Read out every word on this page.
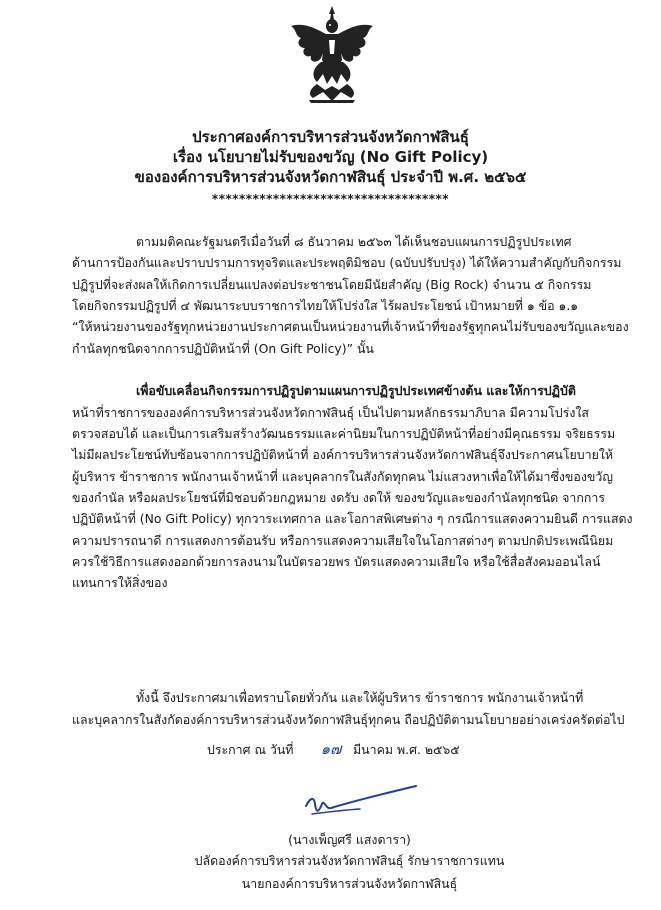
ประกาศองค์การบริหารส่วนจังหวัดกาฬสินธุ์
เรื่อง นโยบายไม่รับของขวัญ (No Gift Policy)
ขององค์การบริหารส่วนจังหวัดกาฬสินธุ์ ประจำปี พ.ศ. ๒๕๖๕
***********************************
ตามมติคณะรัฐมนตรีเมื่อวันที่ ๘ ธันวาคม ๒๕๖๓ ได้เห็นชอบแผนการปฏิรูปประเทศ
ด้านการป้องกันและปราบปรามการทุจริตและประพฤติมิชอบ (ฉบับปรับปรุง) ได้ให้ความสำคัญกับกิจกรรม
ปฏิรูปที่จะส่งผลให้เกิดการเปลี่ยนแปลงต่อประชาชนโดยมีนัยสำคัญ (Big Rock) จำนวน ๕ กิจกรรม
โดยกิจกรรมปฏิรูปที่ ๔ พัฒนาระบบราชการไทยให้โปร่งใส ไร้ผลประโยชน์ เป้าหมายที่ ๑ ข้อ ๑.๑
“ให้หน่วยงานของรัฐทุกหน่วยงานประกาศตนเป็นหน่วยงานที่เจ้าหน้าที่ของรัฐทุกคนไม่รับของขวัญและของ
กำนัลทุกชนิดจากการปฏิบัติหน้าที่ (On Gift Policy)” นั้น
เพื่อขับเคลื่อนกิจกรรมการปฏิรูปตามแผนการปฏิรูปประเทศข้างต้น และให้การปฏิบัติ
หน้าที่ราชการขององค์การบริหารส่วนจังหวัดกาฬสินธุ์ เป็นไปตามหลักธรรมาภิบาล มีความโปร่งใส
ตรวจสอบได้ และเป็นการเสริมสร้างวัฒนธรรมและค่านิยมในการปฏิบัติหน้าที่อย่างมีคุณธรรม จริยธรรม
ไม่มีผลประโยชน์ทับซ้อนจากการปฏิบัติหน้าที่ องค์การบริหารส่วนจังหวัดกาฬสินธุ์จึงประกาศนโยบายให้
ผู้บริหาร ข้าราชการ พนักงานเจ้าหน้าที่ และบุคลากรในสังกัดทุกคน ไม่แสวงหาเพื่อให้ได้มาซึ่งของขวัญ
ของกำนัล หรือผลประโยชน์ที่มิชอบด้วยกฎหมาย งดรับ งดให้ ของขวัญและของกำนัลทุกชนิด จากการ
ปฏิบัติหน้าที่ (No Gift Policy) ทุกวาระเทศกาล และโอกาสพิเศษต่าง ๆ กรณีการแสดงความยินดี การแสดง
ความปรารถนาดี การแสดงการต้อนรับ หรือการแสดงความเสียใจในโอกาสต่างๆ ตามปกติประเพณีนิยม
ควรใช้วิธีการแสดงออกด้วยการลงนามในบัตรอวยพร บัตรแสดงความเสียใจ หรือใช้สื่อสังคมออนไลน์
แทนการให้สิ่งของ
ทั้งนี้ จึงประกาศมาเพื่อทราบโดยทั่วกัน และให้ผู้บริหาร ข้าราชการ พนักงานเจ้าหน้าที่
และบุคลากรในสังกัดองค์การบริหารส่วนจังหวัดกาฬสินธุ์ทุกคน ถือปฏิบัติตามนโยบายอย่างเคร่งครัดต่อไป
ประกาศ ณ วันที่ ๑๗ มีนาคม พ.ศ. ๒๕๖๕
(นางเพ็ญศรี แสงดารา)
ปลัดองค์การบริหารส่วนจังหวัดกาฬสินธุ์ รักษาราชการแทน
นายกองค์การบริหารส่วนจังหวัดกาฬสินธุ์
